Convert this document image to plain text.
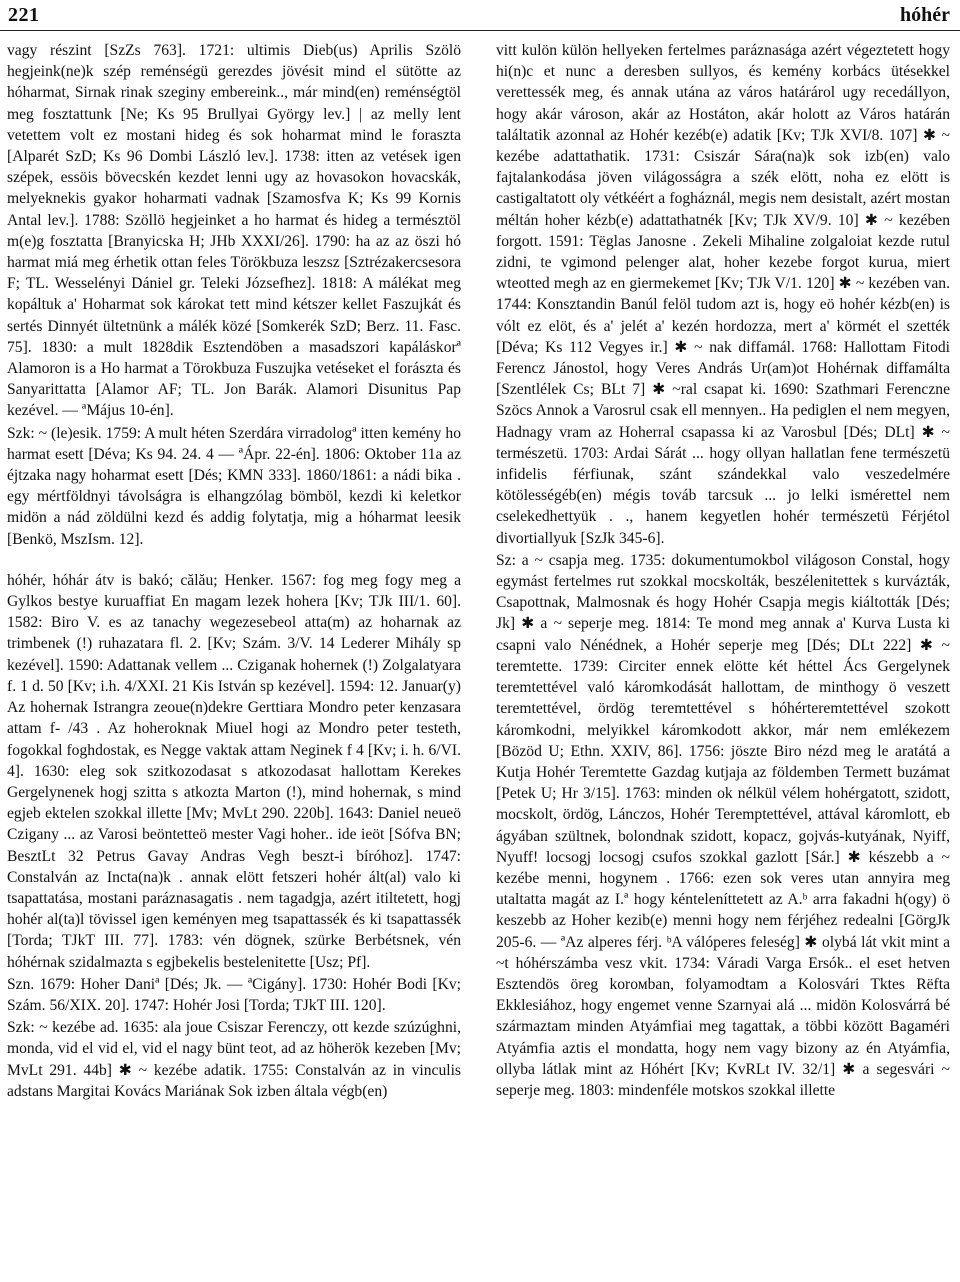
221	hóhér

vagy részint [SzZs 763]. 1721: ultimis Dieb(us) Aprilis Szölö hegjeink(ne)k szép reménségü gerezdes jövésit mind el sütötte az hóharmat, Sirnak rinak szeginy embereink.., már mind(en) reménségtöl meg fosztattunk [Ne; Ks 95 Brullyai György lev.] | az melly lent vetettem volt ez mostani hideg és sok hoharmat mind le foraszta [Alparét SzD; Ks 96 Dombi László lev.]. 1738: itten az vetések igen szépek, essöis bövecskén kezdet lenni ugy az hovasokon hovacskák, melyeknekis gyakor hoharmati vadnak [Szamosfva K; Ks 99 Kornis Antal lev.]. 1788: Szöllö hegjeinket a ho harmat és hideg a természtöl m(e)g fosztatta [Branyicska H; JHb XXXI/26]. 1790: ha az az öszi hó harmat miá meg érhetik ottan feles Törökbuza leszsz [Sztrézakercsesora F; TL. Wesselényi Dániel gr. Teleki Józsefhez]. 1818: A málékat meg kopáltuk a' Hoharmat sok károkat tett mind kétszer kellet Faszujkát és sertés Dinnyét ültetnünk a málék közé [Somkerék SzD; Berz. 11. Fasc. 75]. 1830: a mult 1828dik Esztendöben a masadszori kapáláskorª Alamoron is a Ho harmat a Törokbuza Fuszujka vetéseket el forászta és Sanyarittatta [Alamor AF; TL. Jon Barák. Alamori Disunitus Pap kezével. — ªMájus 10-én].

Szk: ~ (le)esik. 1759: A mult héten Szerdára virradologª itten kemény ho harmat esett [Déva; Ks 94. 24. 4 — ªÁpr. 22-én]. 1806: Oktober 11a az éjtzaka nagy hoharmat esett [Dés; KMN 333]. 1860/1861: a nádi bika . egy mértföldnyi távolságra is elhangzólag bömböl, kezdi ki keletkor midön a nád zöldülni kezd és addig folytatja, mig a hóharmat leesik [Benkö, MszIsm. 12].

hóhér, hóhár átv is bakó; călău; Henker. 1567: fog meg fogy meg a Gylkos bestye kuruaffiat En magam lezek hohera [Kv; TJk III/1. 60]. 1582: Biro V. es az tanachy wegezesebeol atta(m) az hoharnak az trimbenek (!) ruhazatara fl. 2. [Kv; Szám. 3/V. 14 Lederer Mihály sp kezével]. 1590: Adattanak vellem ... Cziganak hohernek (!) Zolgalatyara f. 1 d. 50 [Kv; i.h. 4/XXI. 21 Kis István sp kezével]. 1594: 12. Januar(y) Az hohernak Istrangra zeoue(n)dekre Gerttiara Mondro peter kenzasara attam f- /43 . Az hoheroknak Miuel hogi az Mondro peter testeth, fogokkal foghdostak, es Negge vaktak attam Neginek f 4 [Kv; i. h. 6/VI. 4]. 1630: eleg sok szitkozodasat s atkozodasat hallottam Kerekes Gergelynenek hogj szitta s atkozta Marton (!), mind hohernak, s mind egjeb ektelen szokkal illette [Mv; MvLt 290. 220b]. 1643: Daniel neueö Czigany ... az Varosi beöntetteö mester Vagi hoher.. ide ieöt [Sófva BN; BesztLt 32 Petrus Gavay Andras Vegh beszt-i bíróhoz]. 1747: Constalván az Incta(na)k . annak elött fetszeri hohér ált(al) valo ki tsapattatása, mostani paráznasagatis . nem tagadgja, azért itiltetett, hogj hohér al(ta)l tövissel igen keményen meg tsapattassék és ki tsapattassék [Torda; TJkT III. 77]. 1783: vén dögnek, szürke Berbétsnek, vén hóhérnak szidalmazta s egjbekelis bestelenitette [Usz; Pf].

Szn. 1679: Hoher Daniª [Dés; Jk. — ªCigány]. 1730: Hohér Bodi [Kv; Szám. 56/XIX. 20]. 1747: Hohér Josi [Torda; TJkT III. 120].

Szk: ~ kezébe ad. 1635: ala joue Csiszar Ferenczy, ott kezde szúzúghni, monda, vid el vid el, vid el nagy bünt teot, ad az höherök kezeben [Mv; MvLt 291. 44b] ✱ ~ kezébe adatik. 1755: Constalván az in vinculis adstans Margitai Kovács Mariának Sok izben általa végb(en)

vitt kulön külön hellyeken fertelmes paráznasága azért végeztetett hogy hi(n)c et nunc a deresben sullyos, és kemény korbács ütésekkel verettessék meg, és annak utána az város határárol ugy recedállyon, hogy akár városon, akár az Hostáton, akár holott az Város határán találtatik azonnal az Hohér kezéb(e) adatik [Kv; TJk XVI/8. 107] ✱ ~ kezébe adattathatik. 1731: Csiszár Sára(na)k sok izb(en) valo fajtalankodása jöven világosságra a szék elött, noha ez elött is castigaltatott oly vétkéért a fogháznál, megis nem desistalt, azért mostan méltán hoher kézb(e) adattathatnék [Kv; TJk XV/9. 10] ✱ ~ kezében forgott. 1591: Tëglas Janosne . Zekeli Mihaline zolgaloiat kezde rutul zidni, te vgimond pelenger alat, hoher kezebe forgot kurua, miert wteotted megh az en giermekemet [Kv; TJk V/1. 120] ✱ ~ kezében van. 1744: Konsztandin Banúl felöl tudom azt is, hogy eö hohér kézb(en) is vólt ez elöt, és a' jelét a' kezén hordozza, mert a' körmét el szették [Déva; Ks 112 Vegyes ir.] ✱ ~ nak diffamál. 1768: Hallottam Fitodi Ferencz Jánostol, hogy Veres András Ur(am)ot Hohérnak diffamálta [Szentlélek Cs; BLt 7] ✱ ~ral csapat ki. 1690: Szathmari Ferenczne Szöcs Annok a Varosrul csak ell mennyen.. Ha pediglen el nem megyen, Hadnagy vram az Hoherral csapassa ki az Varosbul [Dés; DLt] ✱ ~ természetü. 1703: Ardai Sárát ... hogy ollyan hallatlan fene természetü infidelis férfiunak, szánt szándekkal valo veszedelmére kötölességéb(en) mégis továb tarcsuk ... jo lelki ismérettel nem cselekedhettyük . ., hanem kegyetlen hohér természetü Férjétol divortiallyuk [SzJk 345-6].

Sz: a ~ csapja meg. 1735: dokumentumokbol világoson Constal, hogy egymást fertelmes rut szokkal mocskolták, beszélenitettek s kurvázták, Csapottnak, Malmosnak és hogy Hohér Csapja megis kiáltották [Dés; Jk] ✱ a ~ seperje meg. 1814: Te mond meg annak a' Kurva Lusta ki csapni valo Nénédnek, a Hohér seperje meg [Dés; DLt 222] ✱ ~ teremtette. 1739: Circiter ennek elötte két héttel Ács Gergelynek teremtettével való káromkodását hallottam, de minthogy ö veszett teremtettével, ördög teremtettével s hóhérteremtettével szokott káromkodni, melyikkel káromkodott akkor, már nem emlékezem [Bözöd U; Ethn. XXIV, 86]. 1756: jöszte Biro nézd meg le aratátá a Kutja Hohér Teremtette Gazdag kutjaja az földemben Termett buzámat [Petek U; Hr 3/15]. 1763: minden ok nélkül vélem hohérgatott, szidott, mocskolt, ördög, Lánczos, Hohér Teremptettével, attával káromlott, eb ágyában szültnek, bolondnak szidott, kopacz, gojvás-kutyának, Nyiff, Nyuff! locsogj locsogj csufos szokkal gazlott [Sár.] ✱ készebb a ~ kezébe menni, hogynem . 1766: ezen sok veres utan annyira meg utaltatta magát az I.ª hogy kénteleníttetett az A.ᵇ arra fakadni h(ogy) ö keszebb az Hoher kezib(e) menni hogy nem férjéhez redealni [GörgJk 205-6. — ªAz alperes férj. ᵇA válóperes feleség] ✱ olybá lát vkit mint a ~t hóhérszámba vesz vkit. 1734: Váradi Varga Ersók.. el eset hetven Esztendös öreg korомban, folyamodtam a Kolosvári Tktes Rëfta Ekklesiához, hogy engemet venne Szarnyai alá ... midön Kolosvárrá bé származtam minden Atyámfiai meg tagattak, a többi között Bagaméri Atyámfia aztis el mondatta, hogy nem vagy bizony az én Atyámfia, ollyba látlak mint az Hóhért [Kv; KvRLt IV. 32/1] ✱ a segesvári ~ seperje meg. 1803: mindenféle motskos szokkal illette
